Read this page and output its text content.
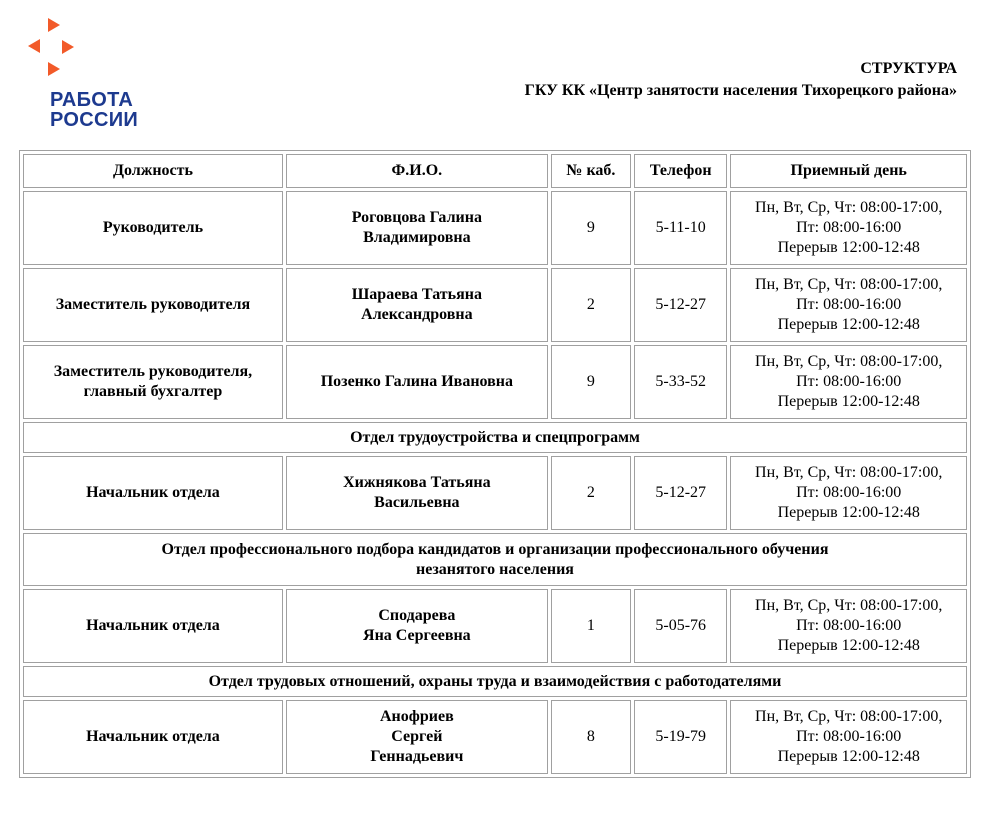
РАБОТА
РОССИИ
СТРУКТУРА
ГКУ КК «Центр занятости населения Тихорецкого района»
Должность	Ф.И.О.	№ каб.	Телефон	Приемный день

Руководитель	Роговцова Галина
Владимировна	9	5-11-10	Пн, Вт, Ср, Чт: 08:00-17:00,
Пт: 08:00-16:00
Перерыв 12:00-12:48

Заместитель руководителя	Шараева Татьяна
Александровна	2	5-12-27	Пн, Вт, Ср, Чт: 08:00-17:00,
Пт: 08:00-16:00
Перерыв 12:00-12:48

Заместитель руководителя,
главный бухгалтер	Позенко Галина Ивановна	9	5-33-52	Пн, Вт, Ср, Чт: 08:00-17:00,
Пт: 08:00-16:00
Перерыв 12:00-12:48

Отдел трудоустройства и спецпрограмм				

Начальник отдела	Хижнякова Татьяна
Васильевна	2	5-12-27	Пн, Вт, Ср, Чт: 08:00-17:00,
Пт: 08:00-16:00
Перерыв 12:00-12:48

Отдел профессионального подбора кандидатов и организации профессионального обучения
незанятого населения				

Начальник отдела	Сподарева
Яна Сергеевна	1	5-05-76	Пн, Вт, Ср, Чт: 08:00-17:00,
Пт: 08:00-16:00
Перерыв 12:00-12:48

Отдел трудовых отношений, охраны труда и взаимодействия с работодателями				

Начальник отдела	Анофриев
Сергей
Геннадьевич	8	5-19-79	Пн, Вт, Ср, Чт: 08:00-17:00,
Пт: 08:00-16:00
Перерыв 12:00-12:48
